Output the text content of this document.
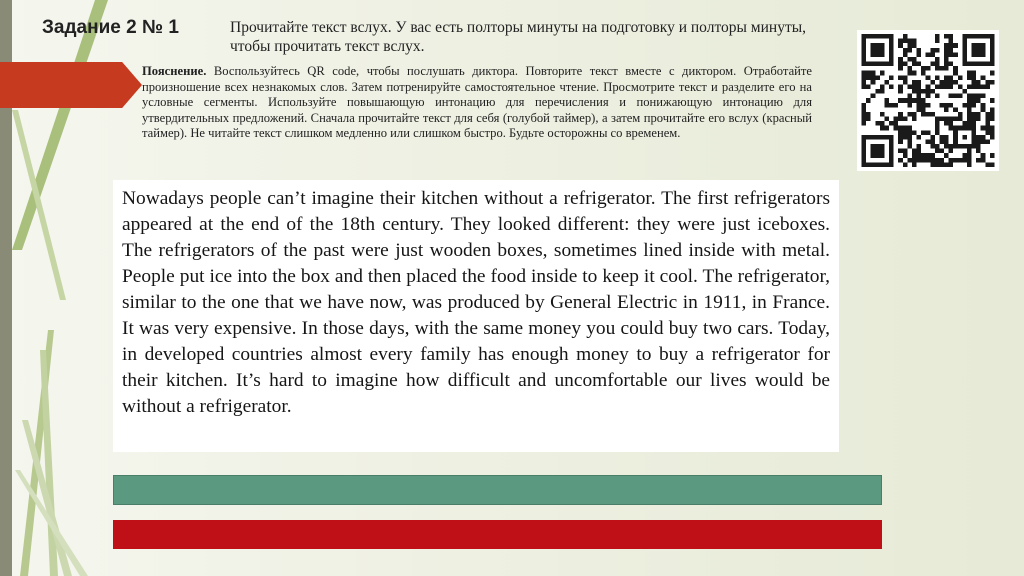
Задание 2 № 1	Прочитайте текст вслух. У вас есть полторы минуты на подготовку и полторы минуты, чтобы прочитать текст вслух.
Пояснение. Воспользуйтесь QR code, чтобы послушать диктора. Повторите текст вместе с диктором. Отработайте произношение всех незнакомых слов. Затем потренируйте самостоятельное чтение. Просмотрите текст и разделите его на условные сегменты. Используйте повышающую интонацию для перечисления и понижающую интонацию для утвердительных предложений. Сначала прочитайте текст для себя (голубой таймер), а затем прочитайте его вслух (красный таймер). Не читайте текст слишком медленно или слишком быстро. Будьте осторожны со временем.

Nowadays people can’t imagine their kitchen without a refrigerator. The first refrigerators appeared at the end of the 18th century. They looked different: they were just iceboxes. The refrigerators of the past were just wooden boxes, sometimes lined inside with metal. People put ice into the box and then placed the food inside to keep it cool. The refrigerator, similar to the one that we have now, was produced by General Electric in 1911, in France. It was very expensive. In those days, with the same money you could buy two cars. Today, in developed countries almost every family has enough money to buy a refrigerator for their kitchen. It’s hard to imagine how difficult and uncomfortable our lives would be without a refrigerator.
